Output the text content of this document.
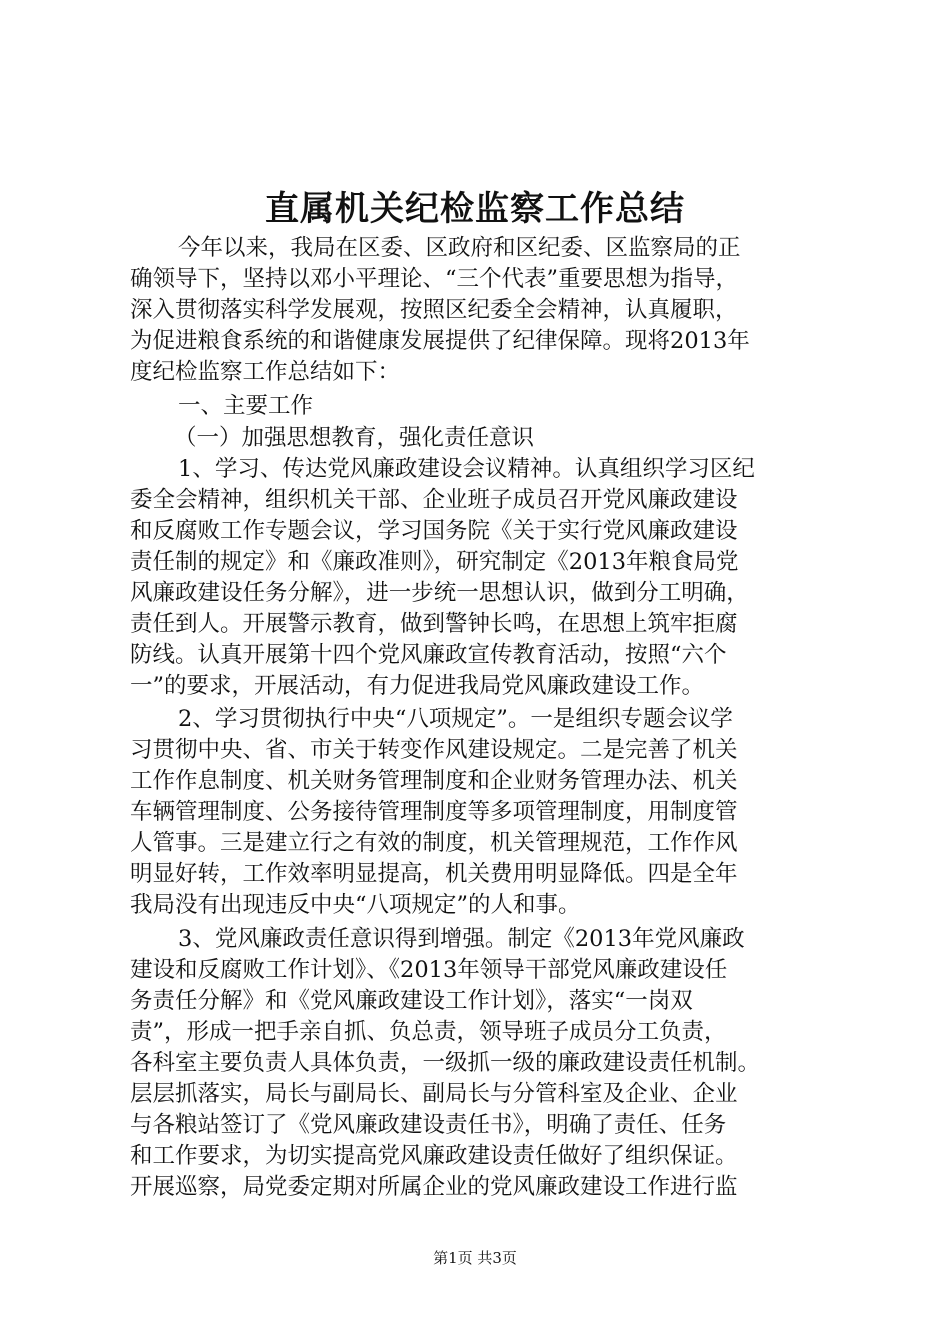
直属机关纪检监察工作总结
今年以来，我局在区委、区政府和区纪委、区监察局的正
确领导下，坚持以邓小平理论、“三个代表”重要思想为指导，
深入贯彻落实科学发展观，按照区纪委全会精神，认真履职，
为促进粮食系统的和谐健康发展提供了纪律保障。现将2013年
度纪检监察工作总结如下：
一、主要工作
（一）加强思想教育，强化责任意识
1、学习、传达党风廉政建设会议精神。认真组织学习区纪
委全会精神，组织机关干部、企业班子成员召开党风廉政建设
和反腐败工作专题会议，学习国务院《关于实行党风廉政建设
责任制的规定》和《廉政准则》，研究制定《2013年粮食局党
风廉政建设任务分解》，进一步统一思想认识，做到分工明确，
责任到人。开展警示教育，做到警钟长鸣，在思想上筑牢拒腐
防线。认真开展第十四个党风廉政宣传教育活动，按照“六个
一”的要求，开展活动，有力促进我局党风廉政建设工作。
2、学习贯彻执行中央“八项规定”。一是组织专题会议学
习贯彻中央、省、市关于转变作风建设规定。二是完善了机关
工作作息制度、机关财务管理制度和企业财务管理办法、机关
车辆管理制度、公务接待管理制度等多项管理制度，用制度管
人管事。三是建立行之有效的制度，机关管理规范，工作作风
明显好转，工作效率明显提高，机关费用明显降低。四是全年
我局没有出现违反中央“八项规定”的人和事。
3、党风廉政责任意识得到增强。制定《2013年党风廉政
建设和反腐败工作计划》、《2013年领导干部党风廉政建设任
务责任分解》和《党风廉政建设工作计划》，落实“一岗双
责”，形成一把手亲自抓、负总责，领导班子成员分工负责，
各科室主要负责人具体负责，一级抓一级的廉政建设责任机制。
层层抓落实，局长与副局长、副局长与分管科室及企业、企业
与各粮站签订了《党风廉政建设责任书》，明确了责任、任务
和工作要求，为切实提高党风廉政建设责任做好了组织保证。
开展巡察，局党委定期对所属企业的党风廉政建设工作进行监
第1页 共3页
